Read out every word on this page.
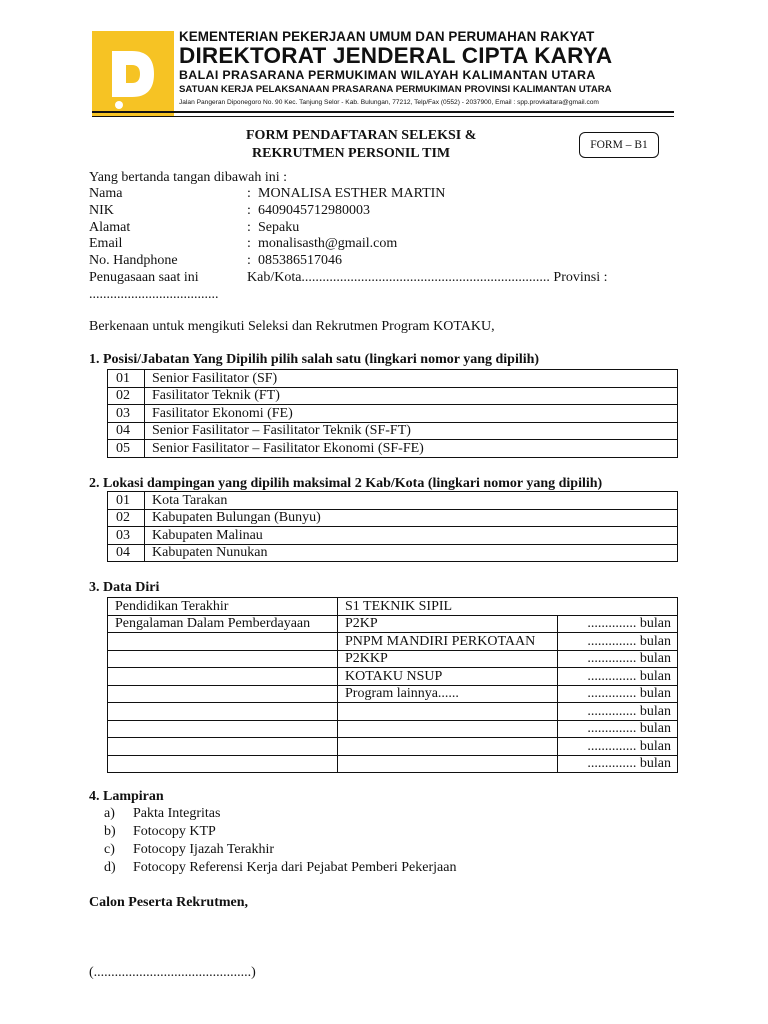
KEMENTERIAN PEKERJAAN UMUM DAN PERUMAHAN RAKYAT
DIREKTORAT JENDERAL CIPTA KARYA
BALAI PRASARANA PERMUKIMAN WILAYAH KALIMANTAN UTARA
SATUAN KERJA PELAKSANAAN PRASARANA PERMUKIMAN PROVINSI KALIMANTAN UTARA
Jalan Pangeran Diponegoro No. 90 Kec. Tanjung Selor - Kab. Bulungan, 77212, Telp/Fax (0552) - 2037900, Email : spp.provkaltara@gmail.com
FORM PENDAFTARAN SELEKSI &
REKRUTMEN PERSONIL TIM
FORM – B1
Yang bertanda tangan dibawah ini :
Nama	: MONALISA ESTHER MARTIN
NIK	: 6409045712980003
Alamat	: Sepaku
Email	: monalisasth@gmail.com
No. Handphone	: 085386517046
Penugasaan saat ini	Kab/Kota....................................................................... Provinsi :
.....................................
Berkenaan untuk mengikuti Seleksi dan Rekrutmen Program KOTAKU,
1. Posisi/Jabatan Yang Dipilih pilih salah satu (lingkari nomor yang dipilih)
01	Senior Fasilitator (SF)
02	Fasilitator Teknik (FT)
03	Fasilitator Ekonomi (FE)
04	Senior Fasilitator – Fasilitator Teknik (SF-FT)
05	Senior Fasilitator – Fasilitator Ekonomi (SF-FE)
2. Lokasi dampingan yang dipilih maksimal 2 Kab/Kota (lingkari nomor yang dipilih)
01	Kota Tarakan
02	Kabupaten Bulungan (Bunyu)
03	Kabupaten Malinau
04	Kabupaten Nunukan
3. Data Diri
Pendidikan Terakhir	S1 TEKNIK SIPIL	
Pengalaman Dalam Pemberdayaan	P2KP	.............. bulan
	PNPM MANDIRI PERKOTAAN	.............. bulan
	P2KKP	.............. bulan
	KOTAKU NSUP	.............. bulan
	Program lainnya......	.............. bulan
		.............. bulan
		.............. bulan
		.............. bulan
		.............. bulan
4. Lampiran
a) Pakta Integritas
b) Fotocopy KTP
c) Fotocopy Ijazah Terakhir
d) Fotocopy Referensi Kerja dari Pejabat Pemberi Pekerjaan
Calon Peserta Rekrutmen,
(.............................................)
